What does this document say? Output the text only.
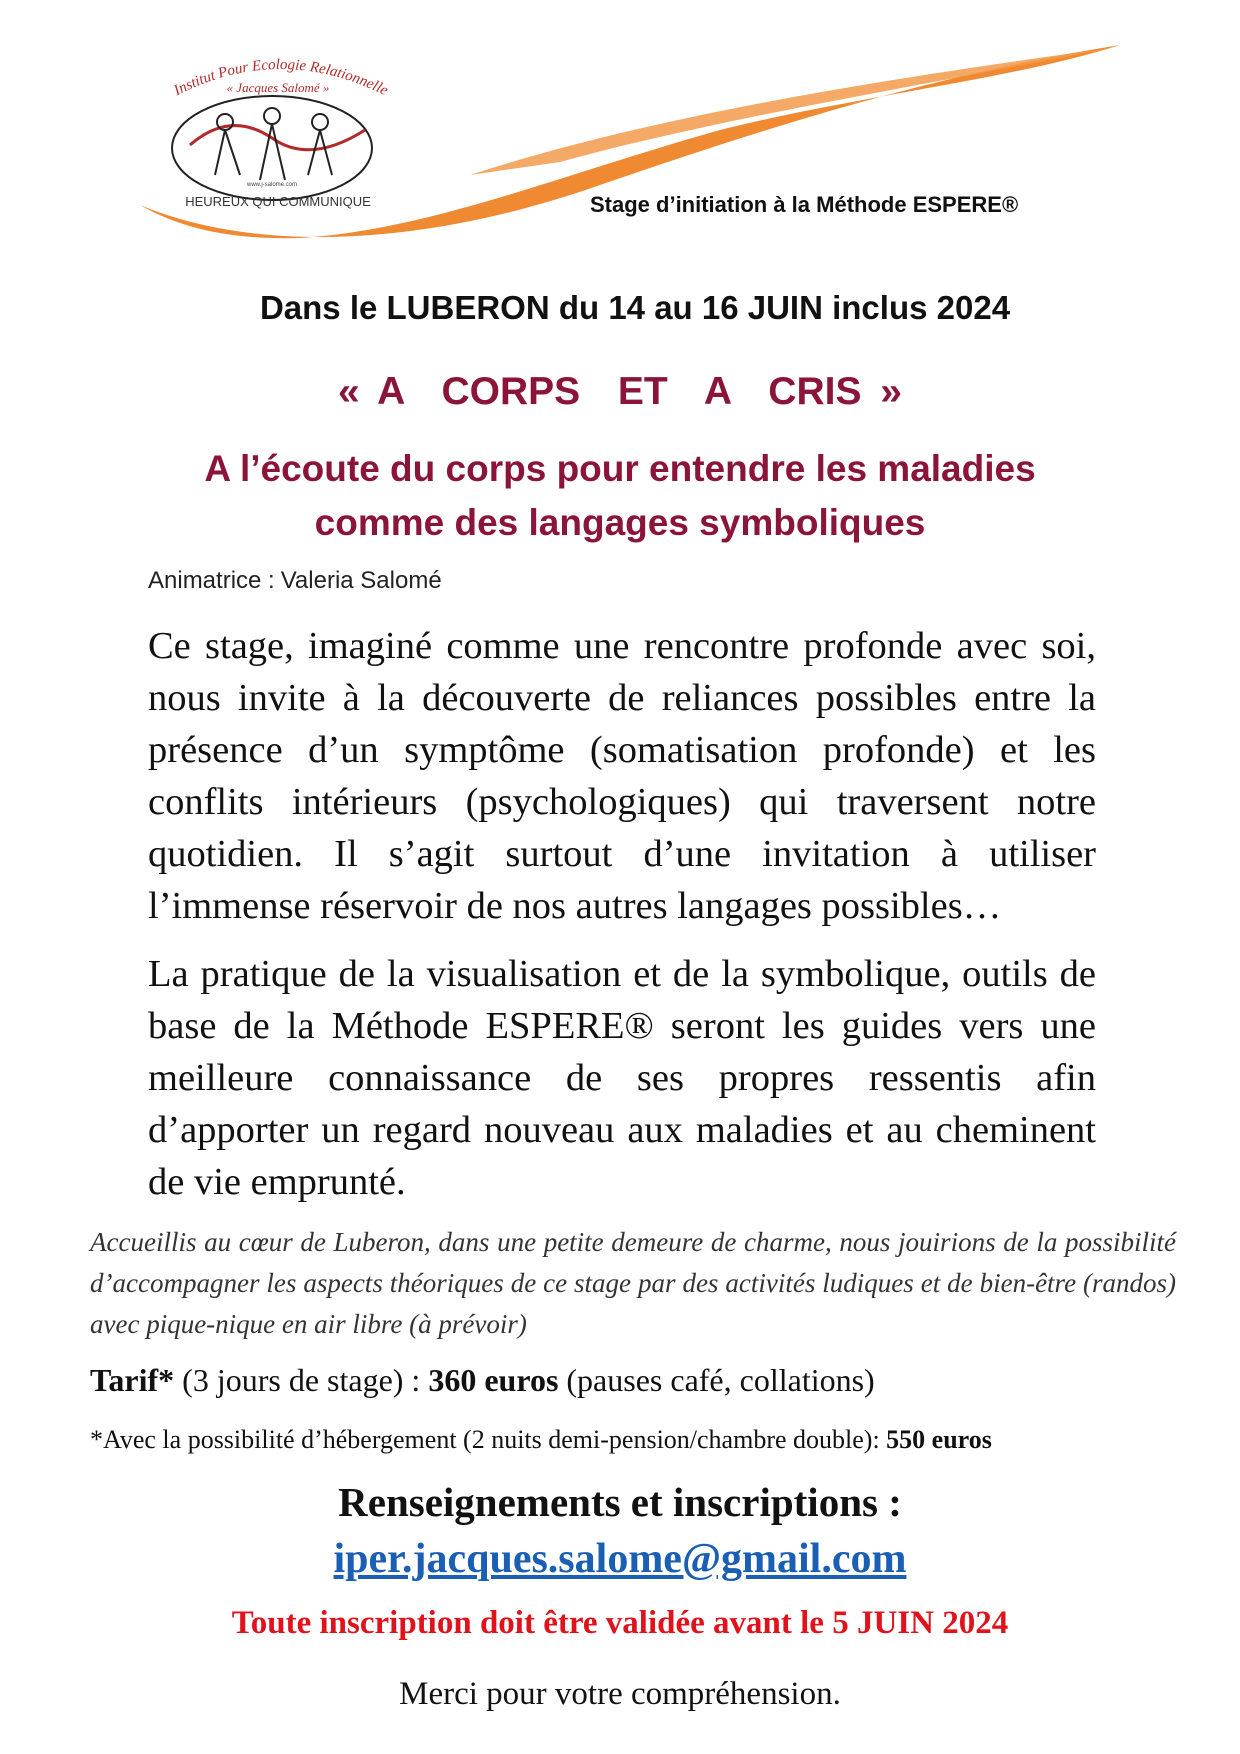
Institut Pour Ecologie Relationnelle
« Jacques Salomé »
www.j-salome.com
HEUREUX QUI COMMUNIQUE	Stage d’initiation à la Méthode ESPERE®
Dans le LUBERON du 14 au 16 JUIN inclus 2024
« A  CORPS  ET  A  CRIS »
A l’écoute du corps pour entendre les maladies
comme des langages symboliques
Animatrice : Valeria Salomé
Ce stage, imaginé comme une rencontre profonde avec soi, nous invite à la découverte de reliances possibles entre la présence d’un symptôme (somatisation profonde) et les conflits intérieurs (psychologiques) qui traversent notre quotidien. Il s’agit surtout d’une invitation à utiliser l’immense réservoir de nos autres langages possibles…
La pratique de la visualisation et de la symbolique, outils de base de la Méthode ESPERE® seront les guides vers une meilleure connaissance de ses propres ressentis afin d’apporter un regard nouveau aux maladies et au cheminent de vie emprunté.
Accueillis au cœur de Luberon, dans une petite demeure de charme, nous jouirions de la possibilité d’accompagner les aspects théoriques de ce stage par des activités ludiques et de bien-être (randos) avec pique-nique en air libre (à prévoir)
Tarif* (3 jours de stage) : 360 euros (pauses café, collations)
*Avec la possibilité d’hébergement (2 nuits demi-pension/chambre double): 550 euros
Renseignements et inscriptions :
iper.jacques.salome@gmail.com
Toute inscription doit être validée avant le 5 JUIN 2024
Merci pour votre compréhension.
